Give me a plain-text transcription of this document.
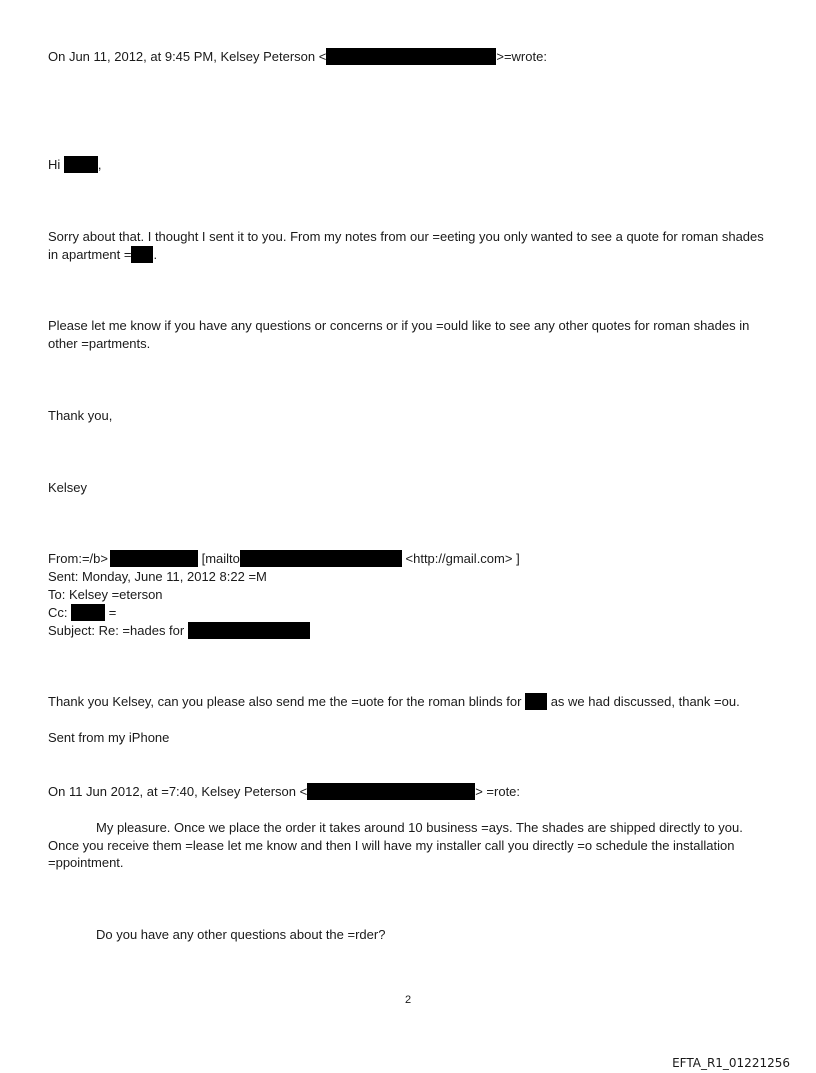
On Jun 11, 2012, at 9:45 PM, Kelsey Peterson <	>=wrote:
Hi	,
Sorry about that. I thought I sent it to you. From my notes from our =eeting you only wanted to see a quote for roman shades in apartment = .
Please let me know if you have any questions or concerns or if you =ould like to see any other quotes for roman shades in other =partments.
Thank you,
Kelsey
From:=/b>	[mailto	<http://gmail.com> ]
Sent: Monday, June 11, 2012 8:22 =M
To: Kelsey =eterson
Cc:	=
Subject: Re: =hades for
Thank you Kelsey, can you please also send me the =uote for the roman blinds for as we had discussed, thank =ou.
Sent from my iPhone
On 11 Jun 2012, at =7:40, Kelsey Peterson <	> =rote:
My pleasure. Once we place the order it takes around 10 business =ays. The shades are shipped directly to you. Once you receive them =lease let me know and then I will have my installer call you directly =o schedule the installation =ppointment.
Do you have any other questions about the =rder?
2
EFTA_R1_01221256
